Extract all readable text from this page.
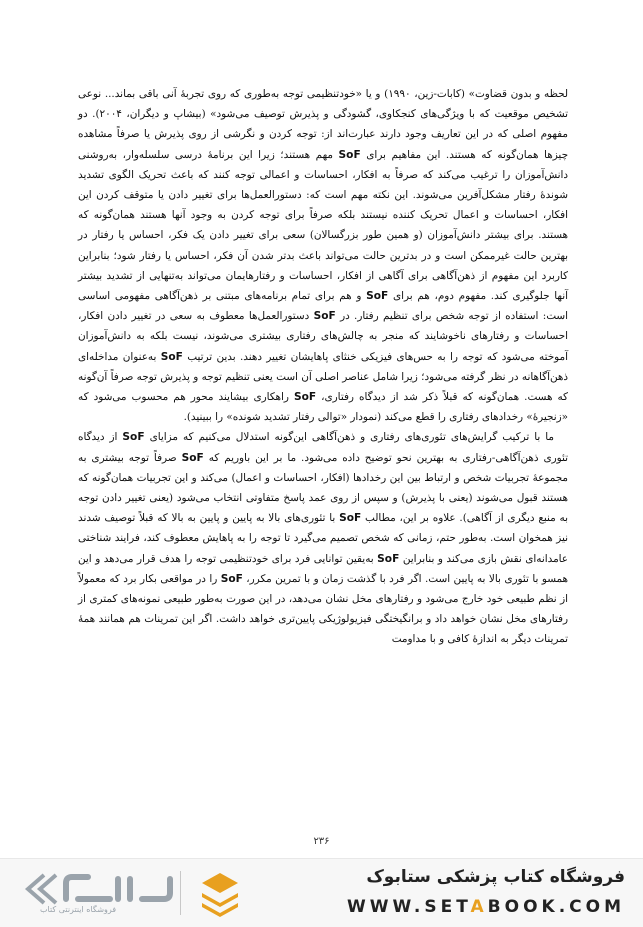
لحظه و بدون قضاوت» (کابات‌-زین، ۱۹۹۰) و یا «خودتنظیمی توجه به‌طوری که روی تجربهٔ آنی باقی بماند... نوعی تشخیص موقعیت که با ویژگی‌های کنجکاوی، گشودگی و پذیرش توصیف می‌شود» (بیشاپ و دیگران، ۲۰۰۴). دو مفهوم اصلی که در این تعاریف وجود دارند عبارت‌اند از: توجه کردن و نگرشی از روی پذیرش یا صرفاً مشاهده چیزها همان‌گونه که هستند. این مفاهیم برای SoF مهم هستند؛ زیرا این برنامهٔ درسی سلسله‌وار، به‌روشنی دانش‌آموزان را ترغیب می‌کند که صرفاً به افکار، احساسات و اعمالی توجه کنند که باعث تحریک الگوی تشدید شوندهٔ رفتار مشکل‌آفرین می‌شوند. این نکته مهم است که: دستورالعمل‌ها برای تغییر دادن یا متوقف کردن این افکار، احساسات و اعمال تحریک کننده نیستند بلکه صرفاً برای توجه کردن به وجود آنها هستند همان‌گونه که هستند. برای بیشتر دانش‌آموزان (و همین طور بزرگسالان) سعی برای تغییر دادن یک فکر، احساس یا رفتار در بهترین حالت غیرممکن است و در بدترین حالت می‌تواند باعث بدتر شدن آن فکر، احساس یا رفتار شود؛ بنابراین کاربرد این مفهوم از ذهن‌آگاهی برای آگاهی از افکار، احساسات و رفتارهایمان می‌تواند به‌تنهایی از تشدید بیشتر آنها جلوگیری کند. مفهوم دوم، هم برای SoF و هم برای تمام برنامه‌های مبتنی بر ذهن‌آگاهی مفهومی اساسی است: استفاده از توجه شخص برای تنظیم رفتار. در SoF دستورالعمل‌ها معطوف به سعی در تغییر دادن افکار، احساسات و رفتارهای ناخوشایند که منجر به چالش‌های رفتاری بیشتری می‌شوند، نیست بلکه به دانش‌آموزان آموخته می‌شود که توجه را به حس‌های فیزیکی خنثای پاهایشان تغییر دهند. بدین ترتیب SoF به‌عنوان مداخله‌ای ذهن‌آگاهانه در نظر گرفته می‌شود؛ زیرا شامل عناصر اصلی آن است یعنی تنظیم توجه و پذیرش توجه صرفاً آن‌گونه که هست. همان‌گونه که قبلاً ذکر شد از دیدگاه رفتاری، SoF راهکاری بیشایند محور هم محسوب می‌شود که «زنجیرهٔ» رخدادهای رفتاری را قطع می‌کند (نمودار «توالی رفتار تشدید شونده» را ببینید).

ما با ترکیب گرایش‌های تئوری‌های رفتاری و ذهن‌آگاهی این‌گونه استدلال می‌کنیم که مزایای SoF از دیدگاه تئوری ذهن‌آگاهی-رفتاری به بهترین نحو توضیح داده می‌شود. ما بر این باوریم که SoF صرفاً توجه بیشتری به مجموعهٔ تجربیات شخص و ارتباط بین این رخدادها (افکار، احساسات و اعمال) می‌کند و این تجربیات همان‌گونه که هستند قبول می‌شوند (یعنی با پذیرش) و سپس از روی عمد پاسخ متفاوتی انتخاب می‌شود (یعنی تغییر دادن توجه به منبع دیگری از آگاهی). علاوه بر این، مطالب SoF با تئوری‌های بالا به پایین و پایین به بالا که قبلاً توصیف شدند نیز همخوان است. به‌طور حتم، زمانی که شخص تصمیم می‌گیرد تا توجه را به پاهایش معطوف کند، فرایند شناختی عامدانه‌ای نقش بازی می‌کند و بنابراین SoF به‌یقین توانایی فرد برای خودتنظیمی توجه را هدف قرار می‌دهد و این همسو با تئوری بالا به پایین است. اگر فرد با گذشت زمان و با تمرین مکرر، SoF را در مواقعی بکار برد که معمولاً از نظم طبیعی خود خارج می‌شود و رفتارهای مخل نشان می‌دهد، در این صورت به‌طور طبیعی نمونه‌های کمتری از رفتارهای مخل نشان خواهد داد و برانگیختگی فیزیولوژیکی پایین‌تری خواهد داشت. اگر این تمرینات هم همانند همهٔ تمرینات دیگر به اندازهٔ کافی و با مداومت

۲۳۶
فروشگاه اینترنتی کتاب
فروشگاه کتاب پزشکی ستابوک
WWW.SETABOOK.COM
